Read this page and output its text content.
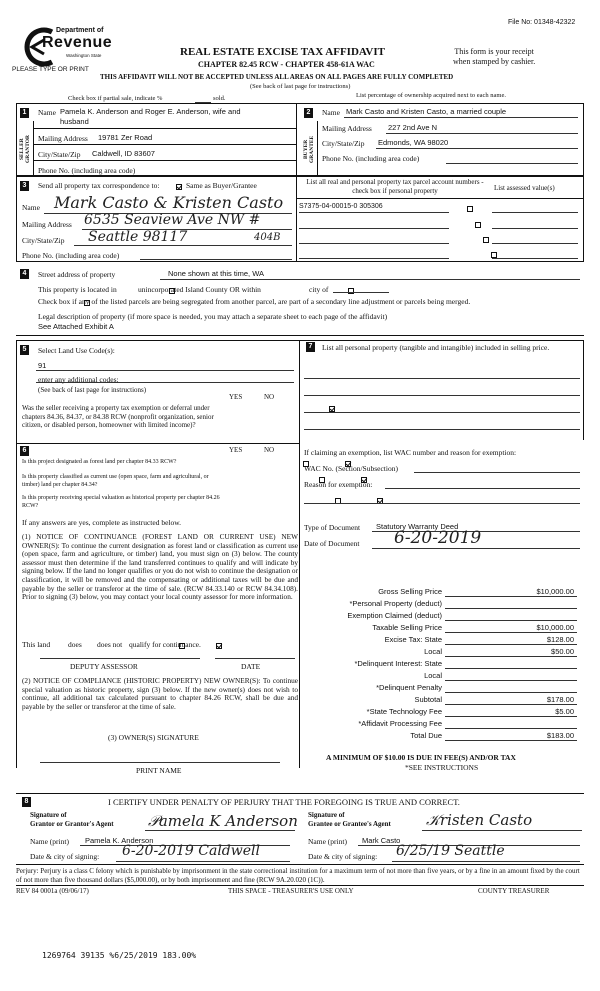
File No: 01348-42322
Department of
Revenue
Washington State
PLEASE TYPE OR PRINT
REAL ESTATE EXCISE TAX AFFIDAVIT
CHAPTER 82.45 RCW - CHAPTER 458-61A WAC
This form is your receipt
when stamped by cashier.
THIS AFFIDAVIT WILL NOT BE ACCEPTED UNLESS ALL AREAS ON ALL PAGES ARE FULLY COMPLETED
(See back of last page for instructions)
Check box if partial sale, indicate %	sold.	List percentage of ownership acquired next to each name.
1
SELLER GRANTOR
Name Pamela K. Anderson and Roger E. Anderson, wife and
husband
Mailing Address 19781 Zer Road
City/State/Zip Caldwell, ID 83607
Phone No. (including area code)
2
BUYER GRANTEE
Name Mark Casto and Kristen Casto, a married couple
Mailing Address 227 2nd Ave N
City/State/Zip Edmonds, WA 98020
Phone No. (including area code)
3	Send all property tax correspondence to:
	Same as Buyer/Grantee
Name Mark Casto & Kristen Casto
Mailing Address 6535 Seaview Ave NW #
City/State/Zip Seattle 98117	404B
Phone No. (including area code)
List all real and personal property tax parcel account numbers - check box if personal property	List assessed value(s)
S7375-04-00015-0 305306

4	Street address of property	None shown at this time, WA
This property is located in
	unincorporated Island County OR within
	city of

Check box if any of the listed parcels are being segregated from another parcel, are part of a secondary line adjustment or parcels being merged.
Legal description of property (if more space is needed, you may attach a separate sheet to each page of the affidavit)
See Attached Exhibit A
5	Select Land Use Code(s):
91
enter any additional codes:
(See back of last page for instructions)
YES	NO
Was the seller receiving a property tax exemption or deferral under chapters 84.36, 84.37, or 84.38 RCW (nonprofit organization, senior citizen, or disabled person, homeowner with limited income)?

6	YES	NO
Is this project designated as forest land per chapter 84.33 RCW?

Is this property classified as current use (open space, farm and agricultural, or timber) land per chapter 84.34?

Is this property receiving special valuation as historical property per chapter 84.26 RCW?

If any answers are yes, complete as instructed below.
(1) NOTICE OF CONTINUANCE (FOREST LAND OR CURRENT USE) NEW OWNER(S): To continue the current designation as forest land or classification as current use (open space, farm and agriculture, or timber) land, you must sign on (3) below. The county assessor must then determine if the land transferred continues to qualify and will indicate by signing below. If the land no longer qualifies or you do not wish to continue the designation or classification, it will be removed and the compensating or additional taxes will be due and payable by the seller or transferor at the time of sale. (RCW 84.33.140 or RCW 84.34.108). Prior to signing (3) below, you may contact your local county assessor for more information.
This land
does does not qualify for continuance.
DEPUTY ASSESSOR	DATE
(2) NOTICE OF COMPLIANCE (HISTORIC PROPERTY) NEW OWNER(S): To continue special valuation as historic property, sign (3) below. If the new owner(s) does not wish to continue, all additional tax calculated pursuant to chapter 84.26 RCW, shall be due and payable by the seller or transferor at the time of sale.
(3) OWNER(S) SIGNATURE
PRINT NAME
7	List all personal property (tangible and intangible) included in selling price.
If claiming an exemption, list WAC number and reason for exemption:
WAC No. (Section/Subsection)
Reason for exemption:
Type of Document Statutory Warranty Deed
Date of Document 6-20-2019
Gross Selling Price	$10,000.00
*Personal Property (deduct)
Exemption Claimed (deduct)
Taxable Selling Price	$10,000.00
Excise Tax: State	$128.00
Local	$50.00
*Delinquent Interest: State
Local
*Delinquent Penalty
Subtotal	$178.00
*State Technology Fee	$5.00
*Affidavit Processing Fee
Total Due	$183.00
A MINIMUM OF $10.00 IS DUE IN FEE(S) AND/OR TAX
*SEE INSTRUCTIONS
8	I CERTIFY UNDER PENALTY OF PERJURY THAT THE FOREGOING IS TRUE AND CORRECT.
Signature of
Grantor or Grantor's Agent 𝒫amela K Anderson Signature of
Grantee or Grantee's Agent 𝒦risten Casto
Name (print) Pamela K. Anderson	Name (print) Mark Casto
Date & city of signing: 6-20-2019 Caldwell	Date & city of signing: 6/25/19 Seattle
Perjury: Perjury is a class C felony which is punishable by imprisonment in the state correctional institution for a maximum term of not more than five years, or by a fine in an amount fixed by the court of not more than five thousand dollars ($5,000.00), or by both imprisonment and fine (RCW 9A.20.020 (1C)).
REV 84 0001a (09/06/17)	THIS SPACE - TREASURER'S USE ONLY	COUNTY TREASURER
1269764 39135 %6/25/2019 183.00%
